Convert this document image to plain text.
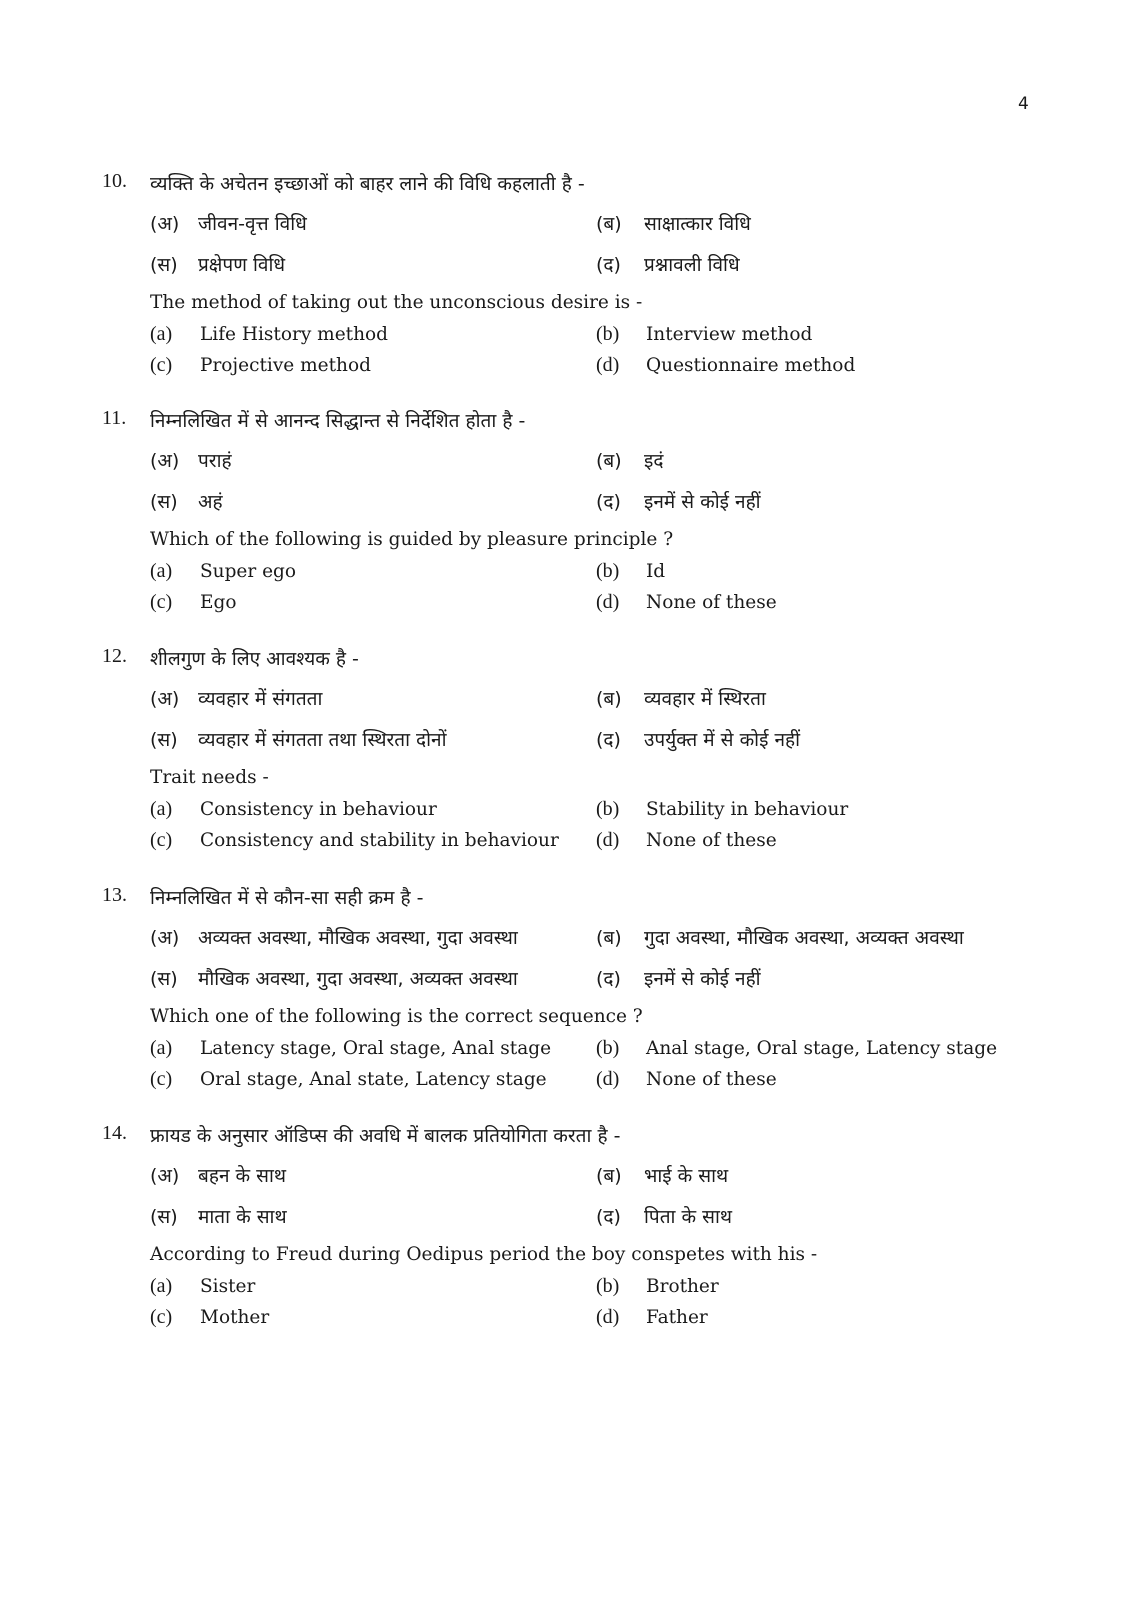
4
10. व्यक्ति के अचेतन इच्छाओं को बाहर लाने की विधि कहलाती है -
(अ) जीवन-वृत्त विधि	(ब) साक्षात्कार विधि
(स) प्रक्षेपण विधि	(द) प्रश्नावली विधि
The method of taking out the unconscious desire is -
(a) Life History method	(b) Interview method
(c) Projective method	(d) Questionnaire method
11. निम्नलिखित में से आनन्द सिद्धान्त से निर्देशित होता है -
(अ) पराहं	(ब) इदं
(स) अहं	(द) इनमें से कोई नहीं
Which of the following is guided by pleasure principle ?
(a) Super ego	(b) Id
(c) Ego	(d) None of these
12. शीलगुण के लिए आवश्यक है -
(अ) व्यवहार में संगतता	(ब) व्यवहार में स्थिरता
(स) व्यवहार में संगतता तथा स्थिरता दोनों	(द) उपर्युक्त में से कोई नहीं
Trait needs -
(a) Consistency in behaviour	(b) Stability in behaviour
(c) Consistency and stability in behaviour (d) None of these
13. निम्नलिखित में से कौन-सा सही क्रम है -
(अ) अव्यक्त अवस्था, मौखिक अवस्था, गुदा अवस्था	(ब) गुदा अवस्था, मौखिक अवस्था, अव्यक्त अवस्था
(स) मौखिक अवस्था, गुदा अवस्था, अव्यक्त अवस्था	(द) इनमें से कोई नहीं
Which one of the following is the correct sequence ?
(a) Latency stage, Oral stage, Anal stage (b) Anal stage, Oral stage, Latency stage
(c) Oral stage, Anal state, Latency stage (d) None of these
14. फ्रायड के अनुसार ऑडिप्स की अवधि में बालक प्रतियोगिता करता है -
(अ) बहन के साथ	(ब) भाई के साथ
(स) माता के साथ	(द) पिता के साथ
According to Freud during Oedipus period the boy conspetes with his -
(a) Sister	(b) Brother
(c) Mother	(d) Father
